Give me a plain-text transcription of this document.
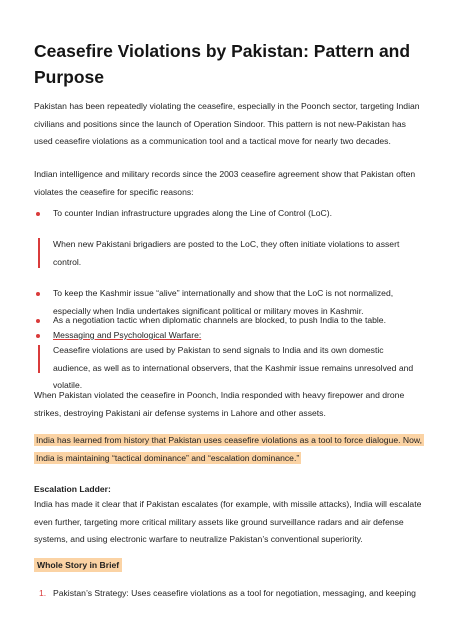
Ceasefire Violations by Pakistan: Pattern and Purpose

Pakistan has been repeatedly violating the ceasefire, especially in the Poonch sector, targeting Indian civilians and positions since the launch of Operation Sindoor. This pattern is not new-Pakistan has used ceasefire violations as a communication tool and a tactical move for nearly two decades.

Indian intelligence and military records since the 2003 ceasefire agreement show that Pakistan often violates the ceasefire for specific reasons:

To counter Indian infrastructure upgrades along the Line of Control (LoC).
When new Pakistani brigadiers are posted to the LoC, they often initiate violations to assert control.
To keep the Kashmir issue “alive” internationally and show that the LoC is not normalized, especially when India undertakes significant political or military moves in Kashmir.
As a negotiation tactic when diplomatic channels are blocked, to push India to the table.
Messaging and Psychological Warfare:
Ceasefire violations are used by Pakistan to send signals to India and its own domestic audience, as well as to international observers, that the Kashmir issue remains unresolved and volatile.

When Pakistan violated the ceasefire in Poonch, India responded with heavy firepower and drone strikes, destroying Pakistani air defense systems in Lahore and other assets.

India has learned from history that Pakistan uses ceasefire violations as a tool to force dialogue. Now, India is maintaining “tactical dominance” and “escalation dominance.”

Escalation Ladder:

India has made it clear that if Pakistan escalates (for example, with missile attacks), India will escalate even further, targeting more critical military assets like ground surveillance radars and air defense systems, and using electronic warfare to neutralize Pakistan’s conventional superiority.

Whole Story in Brief
1. Pakistan’s Strategy: Uses ceasefire violations as a tool for negotiation, messaging, and keeping
